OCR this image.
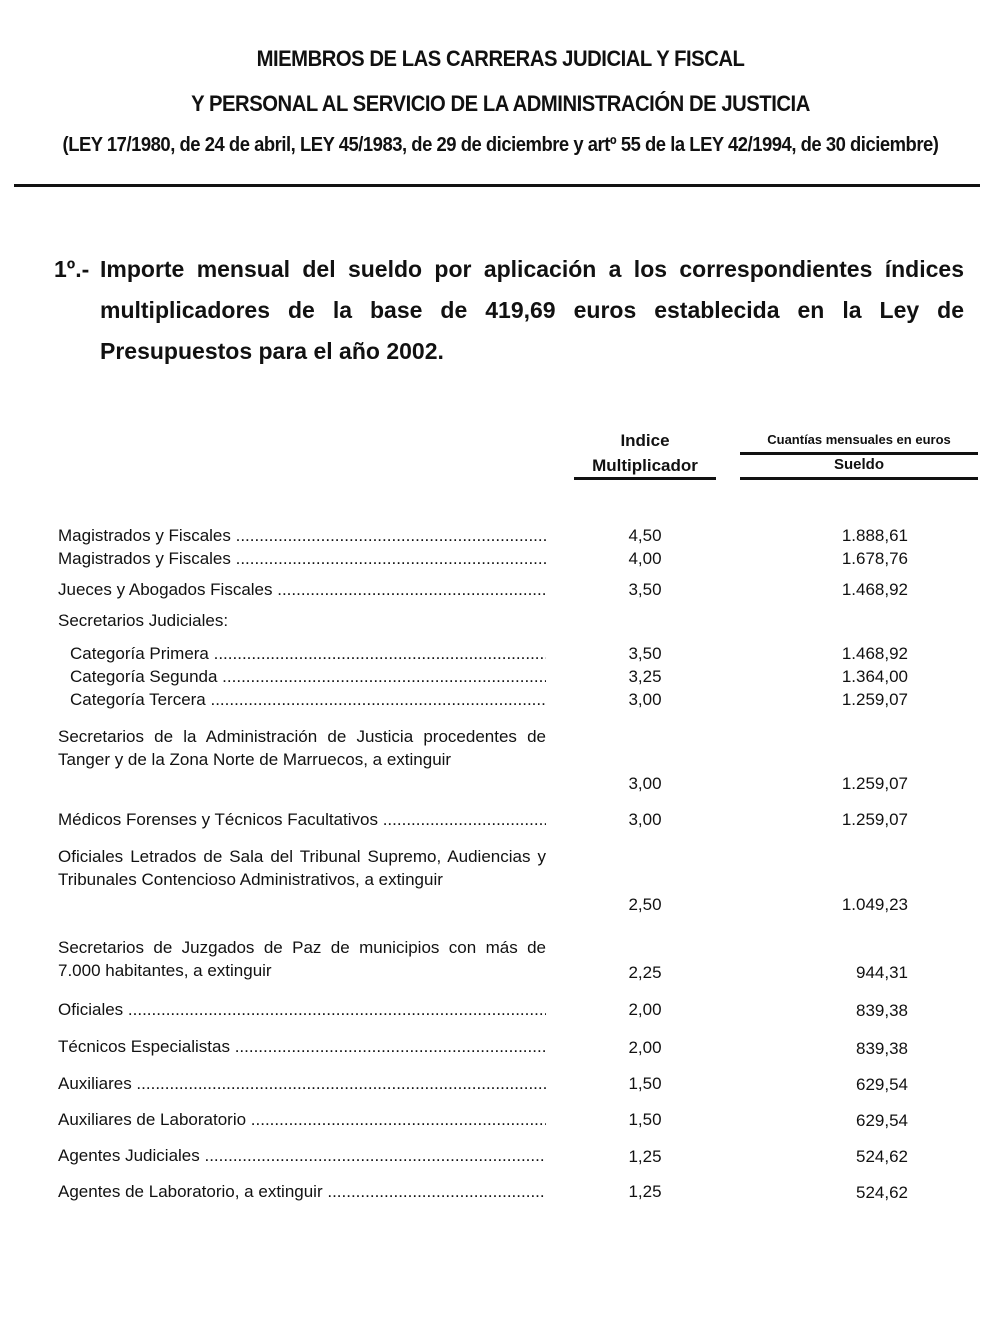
MIEMBROS DE LAS CARRERAS JUDICIAL Y FISCAL
Y PERSONAL AL SERVICIO DE LA ADMINISTRACIÓN DE JUSTICIA
(LEY 17/1980, de 24 de abril, LEY 45/1983, de 29 de diciembre y artº 55 de la LEY 42/1994, de 30 diciembre)
1º.- Importe mensual del sueldo por aplicación a los correspondientes índices multiplicadores de la base de 419,69 euros establecida en la Ley de Presupuestos para el año 2002.
Indice
Multiplicador
Cuantías mensuales en euros
Sueldo
Magistrados y Fiscales .....	4,50	1.888,61
Magistrados y Fiscales .....	4,00	1.678,76
Jueces y Abogados Fiscales .....	3,50	1.468,92
Secretarios Judiciales:
Categoría Primera .....	3,50	1.468,92
Categoría Segunda .....	3,25	1.364,00
Categoría Tercera .....	3,00	1.259,07
Secretarios de la Administración de Justicia procedentes de Tanger y de la Zona Norte de Marruecos, a extinguir
3,00	1.259,07
Médicos Forenses y Técnicos Facultativos .....	3,00	1.259,07
Oficiales Letrados de Sala del Tribunal Supremo, Audiencias y Tribunales Contencioso Administrativos, a extinguir
2,50	1.049,23
Secretarios de Juzgados de Paz de municipios con más de 7.000 habitantes, a extinguir	2,25	944,31
Oficiales .....	2,00	839,38
Técnicos Especialistas .....	2,00	839,38
Auxiliares .....	1,50	629,54
Auxiliares de Laboratorio .....	1,50	629,54
Agentes Judiciales .....	1,25	524,62
Agentes de Laboratorio, a extinguir .....	1,25	524,62
